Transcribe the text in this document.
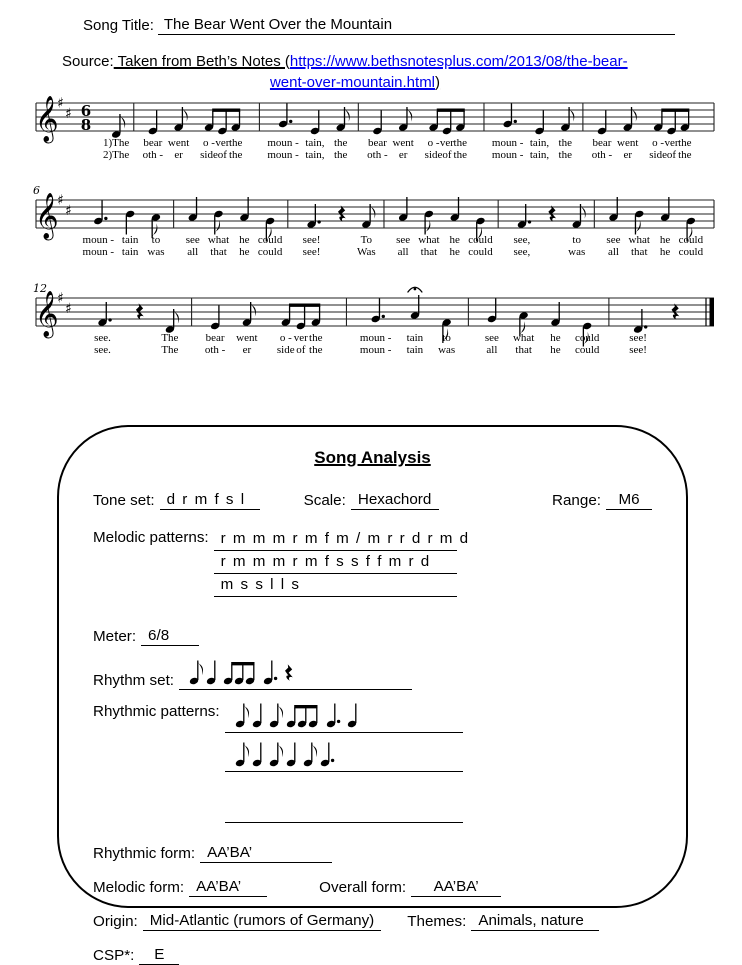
Song Title: The Bear Went Over the Mountain
Source: Taken from Beth’s Notes (https://www.bethsnotesplus.com/2013/08/the-bear-
went-over-mountain.html)
𝄞
♯
♯ 6
8
1)The
2)The
bear
oth -
went
er
o - ver the
side of the
moun -
moun -
tain,
tain,
the
the
bear
oth -
went
er
o - ver the
side of the
moun -
moun -
tain,
tain,
the
the
bear
oth -
went
er
o - ver the
side of the
6
𝄞
♯
♯
moun -
moun -
tain
tain
to
was
see
all
what
that
he
he
could
could
see!
see!
To
Was
see
all
what
that
he
he
could
could
see,
see,
to
was
see
all
what
that
he
he
could
could
12
𝄞
♯
♯
see.
see.
The
The
bear
oth -
went
er
o - ver the
side of the
moun -
moun -
tain
tain
to
was
see
all
what
that
he
he
could
could
see!
see!
Song Analysis
Tone set: d r m f s l	Scale: Hexachord	Range:	M6
Melodic patterns: r m m m r m f m / m r r d r m d
r m m m r m f s s f f m r d
m s s l l s
Meter: 6/8
Rhythm set:
Rhythmic patterns:
Rhythmic form: AA’BA’
Melodic form: AA’BA’	Overall form:	AA’BA’
Origin: Mid-Atlantic (rumors of Germany)	Themes: Animals, nature
CSP*:	E
